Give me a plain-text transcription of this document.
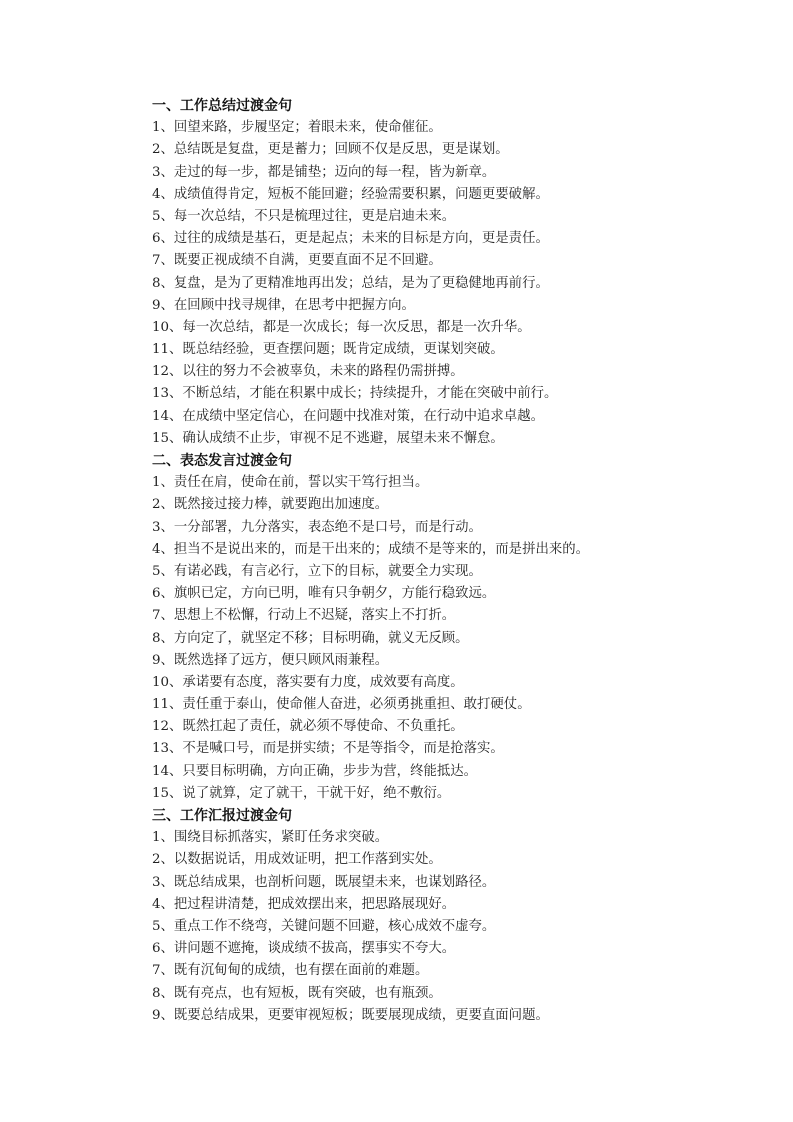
一、工作总结过渡金句
1、回望来路，步履坚定；着眼未来，使命催征。
2、总结既是复盘，更是蓄力；回顾不仅是反思，更是谋划。
3、走过的每一步，都是铺垫；迈向的每一程，皆为新章。
4、成绩值得肯定，短板不能回避；经验需要积累，问题更要破解。
5、每一次总结，不只是梳理过往，更是启迪未来。
6、过往的成绩是基石，更是起点；未来的目标是方向，更是责任。
7、既要正视成绩不自满，更要直面不足不回避。
8、复盘，是为了更精准地再出发；总结，是为了更稳健地再前行。
9、在回顾中找寻规律，在思考中把握方向。
10、每一次总结，都是一次成长；每一次反思，都是一次升华。
11、既总结经验，更查摆问题；既肯定成绩，更谋划突破。
12、以往的努力不会被辜负，未来的路程仍需拼搏。
13、不断总结，才能在积累中成长；持续提升，才能在突破中前行。
14、在成绩中坚定信心，在问题中找准对策，在行动中追求卓越。
15、确认成绩不止步，审视不足不逃避，展望未来不懈怠。
二、表态发言过渡金句
1、责任在肩，使命在前，誓以实干笃行担当。
2、既然接过接力棒，就要跑出加速度。
3、一分部署，九分落实，表态绝不是口号，而是行动。
4、担当不是说出来的，而是干出来的；成绩不是等来的，而是拼出来的。
5、有诺必践，有言必行，立下的目标，就要全力实现。
6、旗帜已定，方向已明，唯有只争朝夕，方能行稳致远。
7、思想上不松懈，行动上不迟疑，落实上不打折。
8、方向定了，就坚定不移；目标明确，就义无反顾。
9、既然选择了远方，便只顾风雨兼程。
10、承诺要有态度，落实要有力度，成效要有高度。
11、责任重于泰山，使命催人奋进，必须勇挑重担、敢打硬仗。
12、既然扛起了责任，就必须不辱使命、不负重托。
13、不是喊口号，而是拼实绩；不是等指令，而是抢落实。
14、只要目标明确，方向正确，步步为营，终能抵达。
15、说了就算，定了就干，干就干好，绝不敷衍。
三、工作汇报过渡金句
1、围绕目标抓落实，紧盯任务求突破。
2、以数据说话，用成效证明，把工作落到实处。
3、既总结成果，也剖析问题，既展望未来，也谋划路径。
4、把过程讲清楚，把成效摆出来，把思路展现好。
5、重点工作不绕弯，关键问题不回避，核心成效不虚夸。
6、讲问题不遮掩，谈成绩不拔高，摆事实不夸大。
7、既有沉甸甸的成绩，也有摆在面前的难题。
8、既有亮点，也有短板，既有突破，也有瓶颈。
9、既要总结成果，更要审视短板；既要展现成绩，更要直面问题。
